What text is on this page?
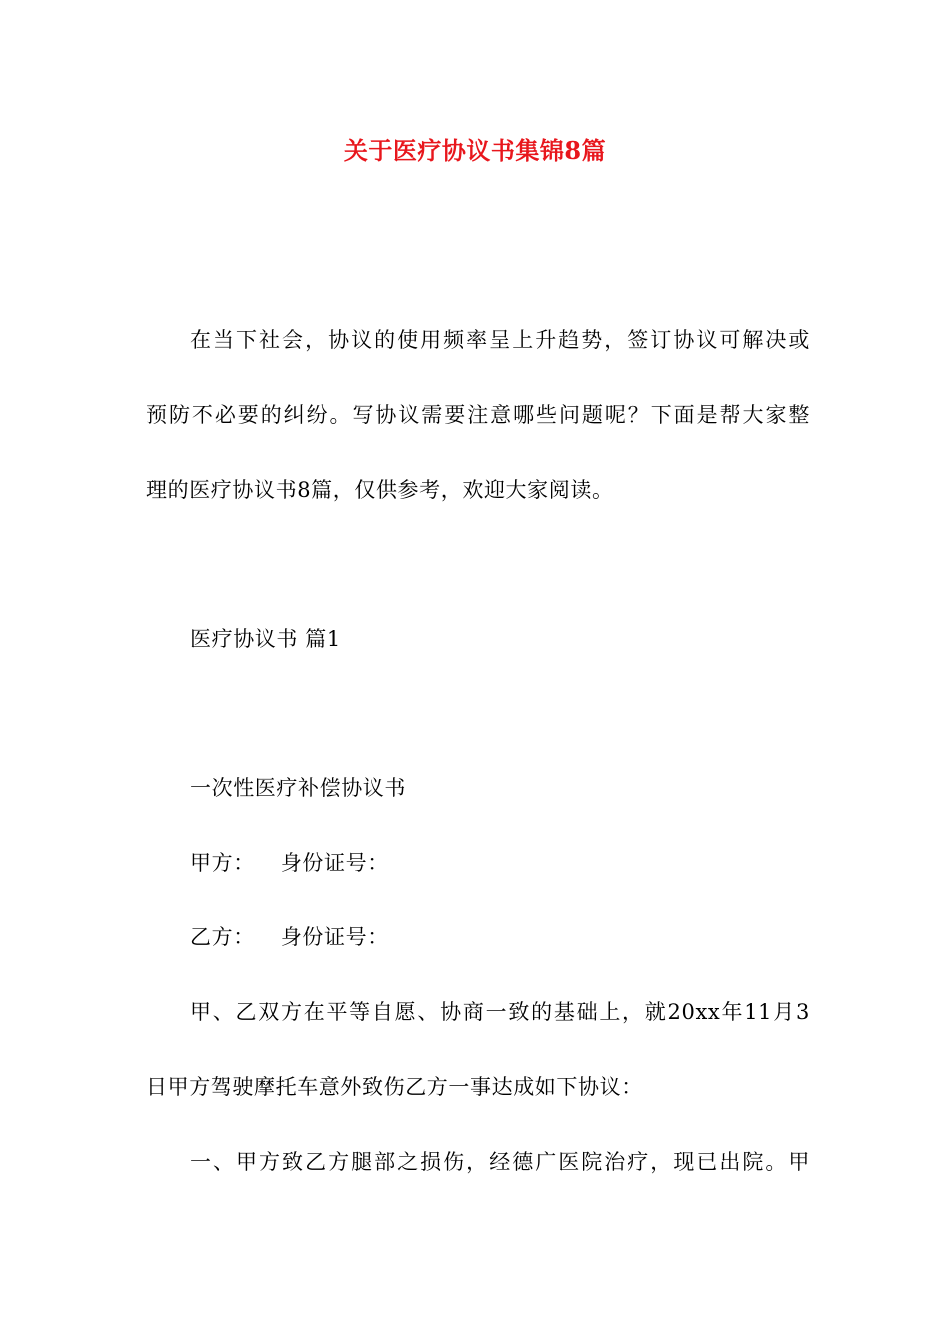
关于医疗协议书集锦8篇
在当下社会，协议的使用频率呈上升趋势，签订协议可解决或
预防不必要的纠纷。写协议需要注意哪些问题呢？下面是帮大家整
理的医疗协议书8篇，仅供参考，欢迎大家阅读。
医疗协议书 篇1
一次性医疗补偿协议书
甲方： 身份证号：
乙方： 身份证号：
甲、乙双方在平等自愿、协商一致的基础上，就20xx年11月3
日甲方驾驶摩托车意外致伤乙方一事达成如下协议：
一、甲方致乙方腿部之损伤，经德广医院治疗，现已出院。甲
